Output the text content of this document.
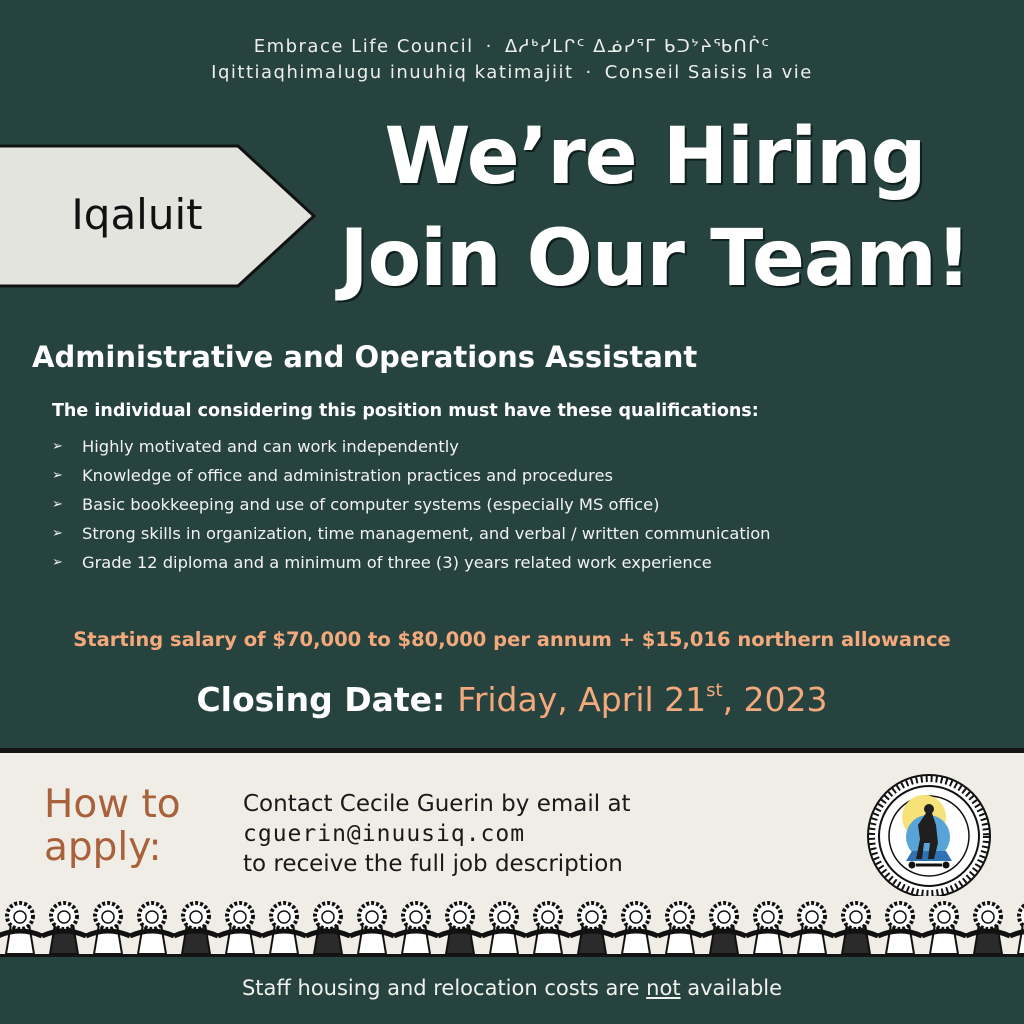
Embrace Life Council · ᐃᓱᒃᓯᒪᒋᑦ ᐃᓅᓯᕐᒥ ᑲᑐᔾᔨᖃᑎᒌᑦ
Iqittiaqhimalugu inuuhiq katimajiit · Conseil Saisis la vie
Iqaluit
We’re Hiring
Join Our Team!
Administrative and Operations Assistant
The individual considering this position must have these qualifications:
➢	Highly motivated and can work independently
➢	Knowledge of office and administration practices and procedures
➢	Basic bookkeeping and use of computer systems (especially MS office)
➢	Strong skills in organization, time management, and verbal / written communication
➢	Grade 12 diploma and a minimum of three (3) years related work experience
Starting salary of $70,000 to $80,000 per annum + $15,016 northern allowance
Closing Date: Friday, April 21st, 2023
How to
apply:
Contact Cecile Guerin by email at
cguerin@inuusiq.com
to receive the full job description
Staff housing and relocation costs are not available
